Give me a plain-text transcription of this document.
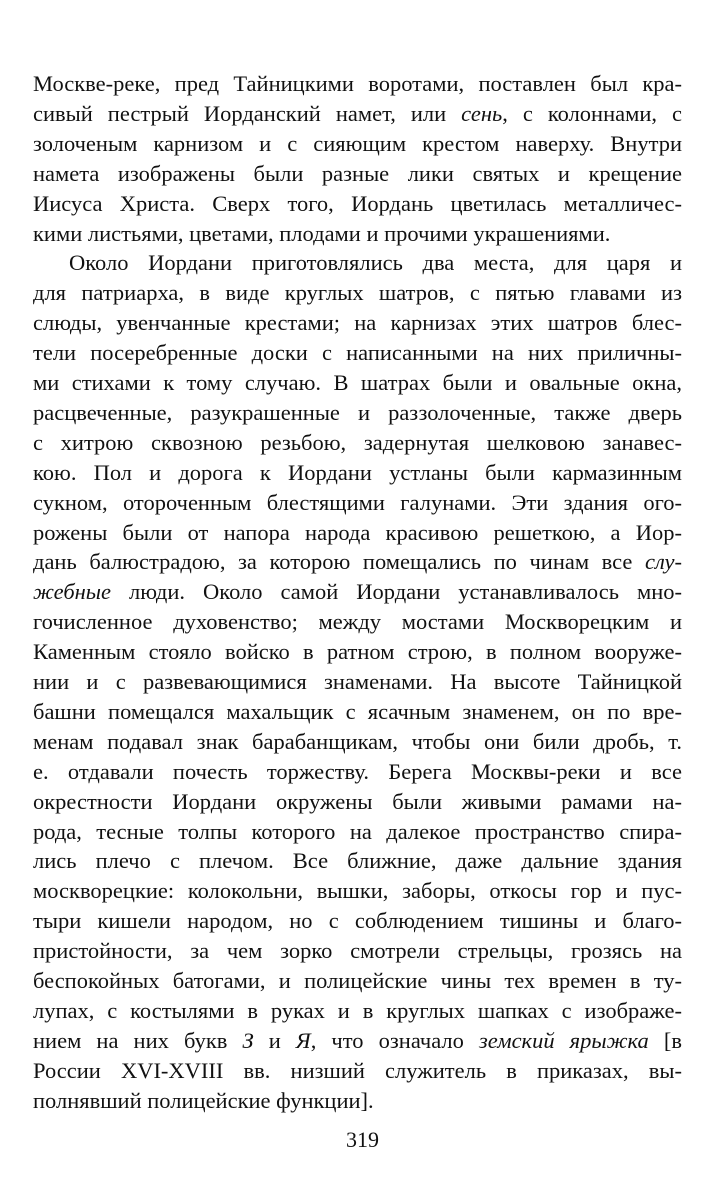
Москве-реке, пред Тайницкими воротами, поставлен был кра-
сивый пестрый Иорданский намет, или сень, с колоннами, с
золоченым карнизом и с сияющим крестом наверху. Внутри
намета изображены были разные лики святых и крещение
Иисуса Христа. Сверх того, Иордань цветилась металличес-
кими листьями, цветами, плодами и прочими украшениями.
Около Иордани приготовлялись два места, для царя и
для патриарха, в виде круглых шатров, с пятью главами из
слюды, увенчанные крестами; на карнизах этих шатров блес-
тели посеребренные доски с написанными на них приличны-
ми стихами к тому случаю. В шатрах были и овальные окна,
расцвеченные, разукрашенные и раззолоченные, также дверь
с хитрою сквозною резьбою, задернутая шелковою занавес-
кою. Пол и дорога к Иордани устланы были кармазинным
сукном, отороченным блестящими галунами. Эти здания ого-
рожены были от напора народа красивою решеткою, а Иор-
дань балюстрадою, за которою помещались по чинам все слу-
жебные люди. Около самой Иордани устанавливалось мно-
гочисленное духовенство; между мостами Москворецким и
Каменным стояло войско в ратном строю, в полном вооруже-
нии и с развевающимися знаменами. На высоте Тайницкой
башни помещался махальщик с ясачным знаменем, он по вре-
менам подавал знак барабанщикам, чтобы они били дробь, т.
е. отдавали почесть торжеству. Берега Москвы-реки и все
окрестности Иордани окружены были живыми рамами на-
рода, тесные толпы которого на далекое пространство спира-
лись плечо с плечом. Все ближние, даже дальние здания
москворецкие: колокольни, вышки, заборы, откосы гор и пус-
тыри кишели народом, но с соблюдением тишины и благо-
пристойности, за чем зорко смотрели стрельцы, грозясь на
беспокойных батогами, и полицейские чины тех времен в ту-
лупах, с костылями в руках и в круглых шапках с изображе-
нием на них букв З и Я, что означало земский ярыжка [в
России XVI-XVIII вв. низший служитель в приказах, вы-
полнявший полицейские функции].
319
